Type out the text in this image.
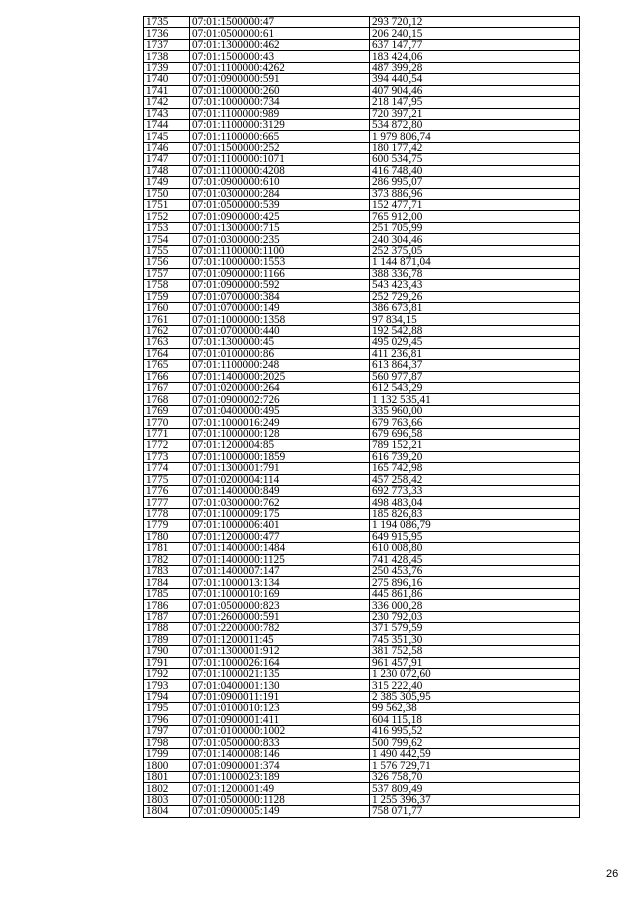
1735	07:01:1500000:47	293 720,12
1736	07:01:0500000:61	206 240,15
1737	07:01:1300000:462	637 147,77
1738	07:01:1500000:43	183 424,06
1739	07:01:1100000:4262	487 399,28
1740	07:01:0900000:591	394 440,54
1741	07:01:1000000:260	407 904,46
1742	07:01:1000000:734	218 147,95
1743	07:01:1100000:989	720 397,21
1744	07:01:1100000:3129	534 872,80
1745	07:01:1100000:665	1 979 806,74
1746	07:01:1500000:252	180 177,42
1747	07:01:1100000:1071	600 534,75
1748	07:01:1100000:4208	416 748,40
1749	07:01:0900000:610	286 995,07
1750	07:01:0300000:284	373 886,96
1751	07:01:0500000:539	152 477,71
1752	07:01:0900000:425	765 912,00
1753	07:01:1300000:715	251 705,99
1754	07:01:0300000:235	240 304,46
1755	07:01:1100000:1100	252 375,05
1756	07:01:1000000:1553	1 144 871,04
1757	07:01:0900000:1166	388 336,78
1758	07:01:0900000:592	543 423,43
1759	07:01:0700000:384	252 729,26
1760	07:01:0700000:149	386 673,81
1761	07:01:1000000:1358	97 834,15
1762	07:01:0700000:440	192 542,88
1763	07:01:1300000:45	495 029,45
1764	07:01:0100000:86	411 236,81
1765	07:01:1100000:248	613 864,37
1766	07:01:1400000:2025	560 977,87
1767	07:01:0200000:264	612 543,29
1768	07:01:0900002:726	1 132 535,41
1769	07:01:0400000:495	335 960,00
1770	07:01:1000016:249	679 763,66
1771	07:01:1000000:128	679 696,58
1772	07:01:1200004:85	789 152,21
1773	07:01:1000000:1859	616 739,20
1774	07:01:1300001:791	165 742,98
1775	07:01:0200004:114	457 258,42
1776	07:01:1400000:849	692 773,33
1777	07:01:0300000:762	498 483,04
1778	07:01:1000009:175	185 826,83
1779	07:01:1000006:401	1 194 086,79
1780	07:01:1200000:477	649 915,95
1781	07:01:1400000:1484	610 008,80
1782	07:01:1400000:1125	741 428,45
1783	07:01:1400007:147	250 453,76
1784	07:01:1000013:134	275 896,16
1785	07:01:1000010:169	445 861,86
1786	07:01:0500000:823	336 000,28
1787	07:01:2600000:591	230 792,03
1788	07:01:2200000:782	371 579,59
1789	07:01:1200011:45	745 351,30
1790	07:01:1300001:912	381 752,58
1791	07:01:1000026:164	961 457,91
1792	07:01:1000021:135	1 230 072,60
1793	07:01:0400001:130	315 222,40
1794	07:01:0900011:191	2 385 305,95
1795	07:01:0100010:123	99 562,38
1796	07:01:0900001:411	604 115,18
1797	07:01:0100000:1002	416 995,52
1798	07:01:0500000:833	500 799,62
1799	07:01:1400008:146	1 490 442,59
1800	07:01:0900001:374	1 576 729,71
1801	07:01:1000023:189	326 758,70
1802	07:01:1200001:49	537 809,49
1803	07:01:0500000:1128	1 255 396,37
1804	07:01:0900005:149	758 071,77
26
